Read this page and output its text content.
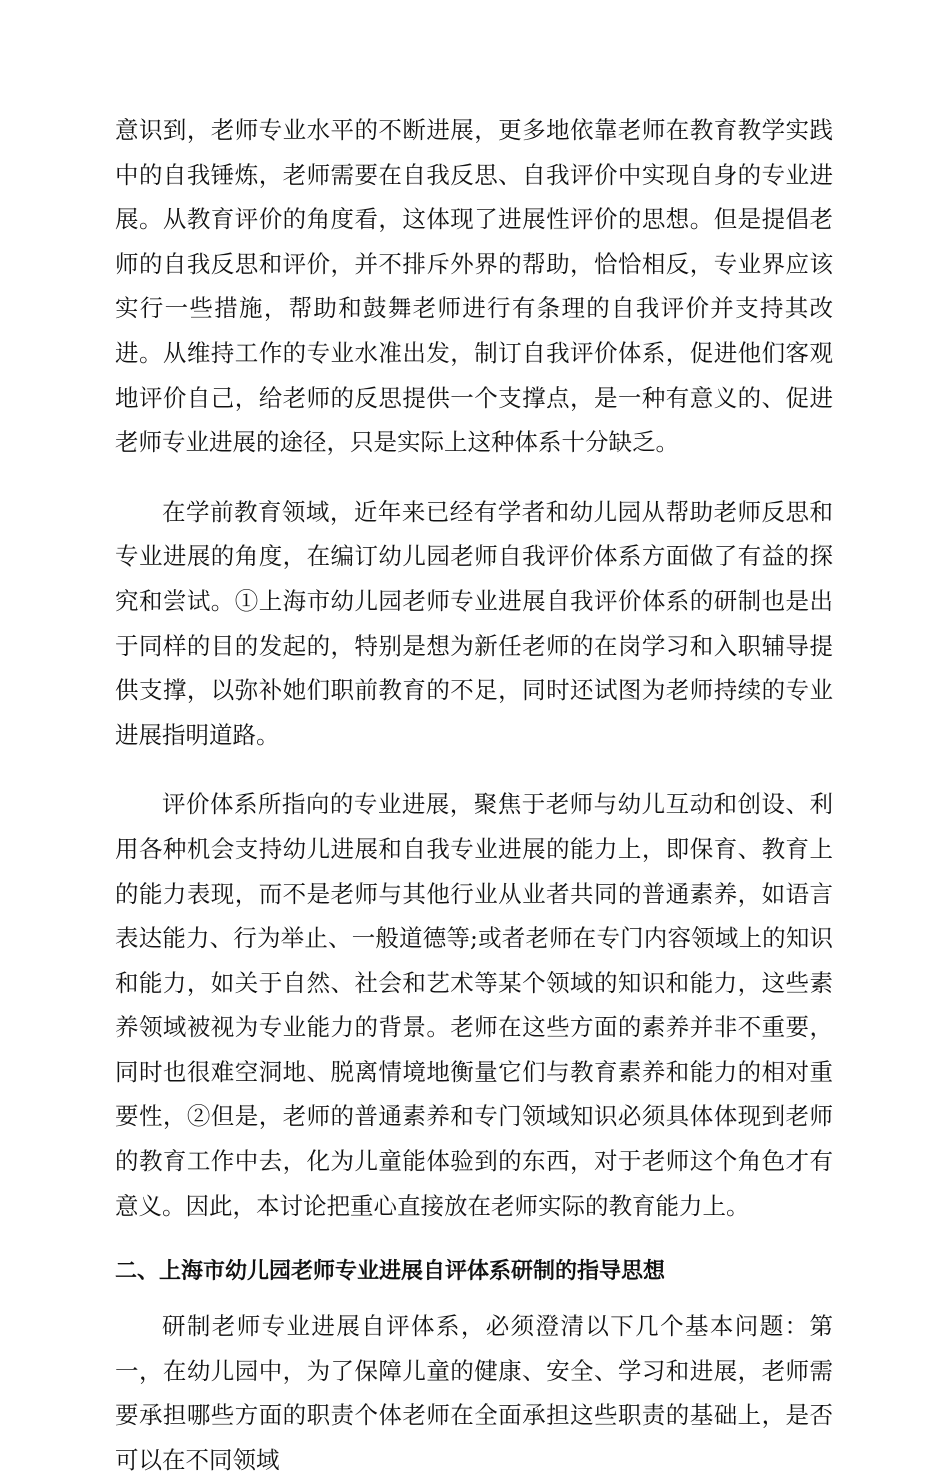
意识到，老师专业水平的不断进展，更多地依靠老师在教育教学实践中的自我锤炼，老师需要在自我反思、自我评价中实现自身的专业进展。从教育评价的角度看，这体现了进展性评价的思想。但是提倡老师的自我反思和评价，并不排斥外界的帮助，恰恰相反，专业界应该实行一些措施，帮助和鼓舞老师进行有条理的自我评价并支持其改进。从维持工作的专业水准出发，制订自我评价体系，促进他们客观地评价自己，给老师的反思提供一个支撑点，是一种有意义的、促进老师专业进展的途径，只是实际上这种体系十分缺乏。

在学前教育领域，近年来已经有学者和幼儿园从帮助老师反思和专业进展的角度，在编订幼儿园老师自我评价体系方面做了有益的探究和尝试。①上海市幼儿园老师专业进展自我评价体系的研制也是出于同样的目的发起的，特别是想为新任老师的在岗学习和入职辅导提供支撑，以弥补她们职前教育的不足，同时还试图为老师持续的专业进展指明道路。

评价体系所指向的专业进展，聚焦于老师与幼儿互动和创设、利用各种机会支持幼儿进展和自我专业进展的能力上，即保育、教育上的能力表现，而不是老师与其他行业从业者共同的普通素养，如语言表达能力、行为举止、一般道德等;或者老师在专门内容领域上的知识和能力，如关于自然、社会和艺术等某个领域的知识和能力，这些素养领域被视为专业能力的背景。老师在这些方面的素养并非不重要，同时也很难空洞地、脱离情境地衡量它们与教育素养和能力的相对重要性，②但是，老师的普通素养和专门领域知识必须具体体现到老师的教育工作中去，化为儿童能体验到的东西，对于老师这个角色才有意义。因此，本讨论把重心直接放在老师实际的教育能力上。

二、上海市幼儿园老师专业进展自评体系研制的指导思想

研制老师专业进展自评体系，必须澄清以下几个基本问题：第一，在幼儿园中，为了保障儿童的健康、安全、学习和进展，老师需要承担哪些方面的职责个体老师在全面承担这些职责的基础上，是否可以在不同领域
